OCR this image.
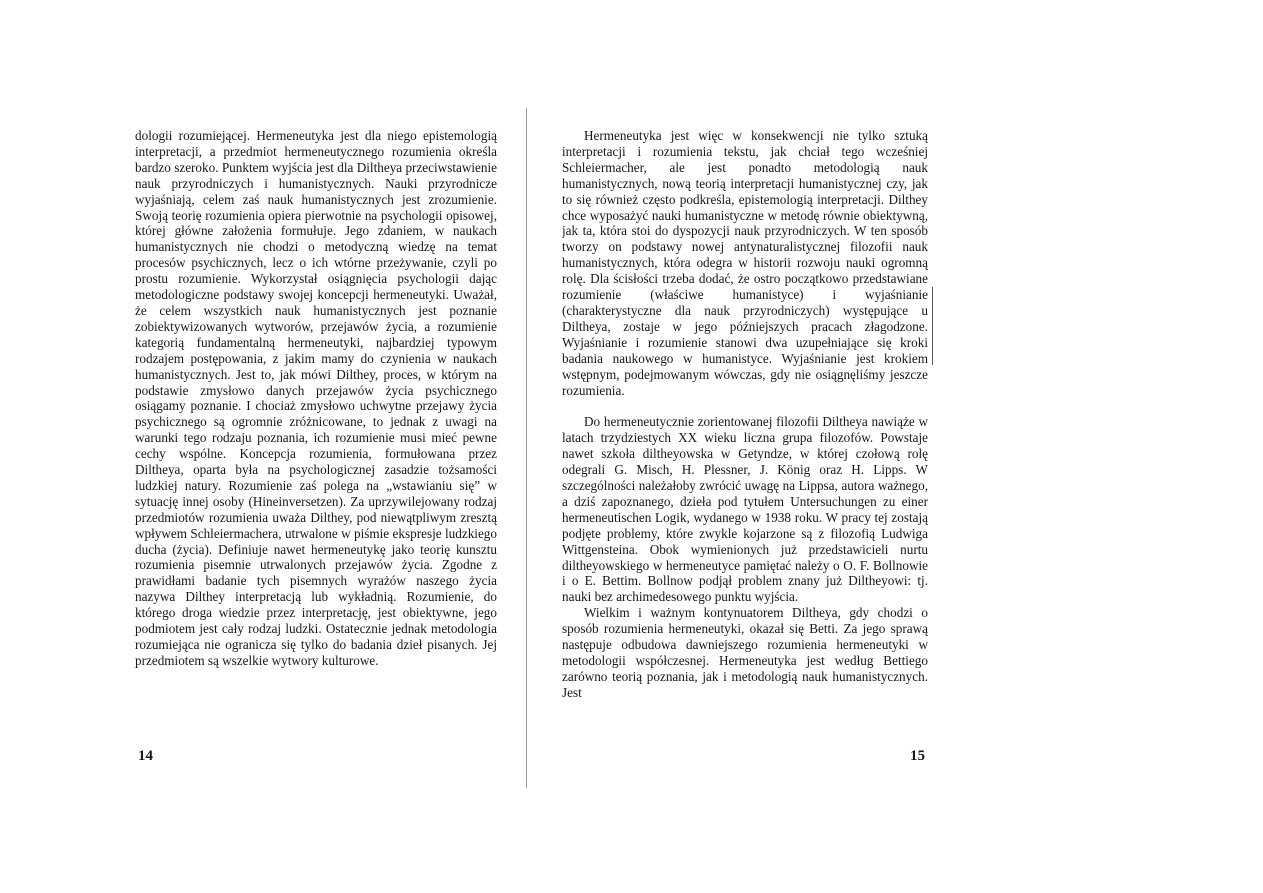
dologii rozumiejącej. Hermeneutyka jest dla niego epistemologią interpretacji, a przedmiot hermeneutycznego rozumienia określa bardzo szeroko. Punktem wyjścia jest dla Diltheya przeciwstawienie nauk przyrodniczych i humanistycznych. Nauki przyrodnicze wyjaśniają, celem zaś nauk humanistycznych jest zrozumienie. Swoją teorię rozumienia opiera pierwotnie na psychologii opisowej, której główne założenia formułuje. Jego zdaniem, w naukach humanistycznych nie chodzi o metodyczną wiedzę na temat procesów psychicznych, lecz o ich wtórne przeżywanie, czyli po prostu rozumienie. Wykorzystał osiągnięcia psychologii dając metodologiczne podstawy swojej koncepcji hermeneutyki. Uważał, że celem wszystkich nauk humanistycznych jest poznanie zobiektywizowanych wytworów, przejawów życia, a rozumienie kategorią fundamentalną hermeneutyki, najbardziej typowym rodzajem postępowania, z jakim mamy do czynienia w naukach humanistycznych. Jest to, jak mówi Dilthey, proces, w którym na podstawie zmysłowo danych przejawów życia psychicznego osiągamy poznanie. I chociaż zmysłowo uchwytne przejawy życia psychicznego są ogromnie zróżnicowane, to jednak z uwagi na warunki tego rodzaju poznania, ich rozumienie musi mieć pewne cechy wspólne. Koncepcja rozumienia, formułowana przez Diltheya, oparta była na psychologicznej zasadzie tożsamości ludzkiej natury. Rozumienie zaś polega na „wstawianiu się” w sytuację innej osoby (Hineinversetzen). Za uprzywilejowany rodzaj przedmiotów rozumienia uważa Dilthey, pod niewątpliwym zresztą wpływem Schleiermachera, utrwalone w piśmie ekspresje ludzkiego ducha (życia). Definiuje nawet hermeneutykę jako teorię kunsztu rozumienia pisemnie utrwalonych przejawów życia. Zgodne z prawidłami badanie tych pisemnych wyrażów naszego życia nazywa Dilthey interpretacją lub wykładnią. Rozumienie, do którego droga wiedzie przez interpretację, jest obiektywne, jego podmiotem jest cały rodzaj ludzki. Ostatecznie jednak metodologia rozumiejąca nie ogranicza się tylko do badania dzieł pisanych. Jej przedmiotem są wszelkie wytwory kulturowe.

Hermeneutyka jest więc w konsekwencji nie tylko sztuką interpretacji i rozumienia tekstu, jak chciał tego wcześniej Schleiermacher, ale jest ponadto metodologią nauk humanistycznych, nową teorią interpretacji humanistycznej czy, jak to się również często podkreśla, epistemologią interpretacji. Dilthey chce wyposażyć nauki humanistyczne w metodę równie obiektywną, jak ta, która stoi do dyspozycji nauk przyrodniczych. W ten sposób tworzy on podstawy nowej antynaturalistycznej filozofii nauk humanistycznych, która odegra w historii rozwoju nauki ogromną rolę. Dla ścisłości trzeba dodać, że ostro początkowo przedstawiane rozumienie (właściwe humanistyce) i wyjaśnianie (charakterystyczne dla nauk przyrodniczych) występujące u Diltheya, zostaje w jego późniejszych pracach złagodzone. Wyjaśnianie i rozumienie stanowi dwa uzupełniające się kroki badania naukowego w humanistyce. Wyjaśnianie jest krokiem wstępnym, podejmowanym wówczas, gdy nie osiągnęliśmy jeszcze rozumienia.

Do hermeneutycznie zorientowanej filozofii Diltheya nawiąże w latach trzydziestych XX wieku liczna grupa filozofów. Powstaje nawet szkoła diltheyowska w Getyndze, w której czołową rolę odegrali G. Misch, H. Plessner, J. König oraz H. Lipps. W szczególności należałoby zwrócić uwagę na Lippsa, autora ważnego, a dziś zapoznanego, dzieła pod tytułem Untersuchungen zu einer hermeneutischen Logik, wydanego w 1938 roku. W pracy tej zostają podjęte problemy, które zwykle kojarzone są z filozofią Ludwiga Wittgensteina. Obok wymienionych już przedstawicieli nurtu diltheyowskiego w hermeneutyce pamiętać należy o O. F. Bollnowie i o E. Bettim. Bollnow podjął problem znany już Diltheyowi: tj. nauki bez archimedesowego punktu wyjścia.

Wielkim i ważnym kontynuatorem Diltheya, gdy chodzi o sposób rozumienia hermeneutyki, okazał się Betti. Za jego sprawą następuje odbudowa dawniejszego rozumienia hermeneutyki w metodologii współczesnej. Hermeneutyka jest według Bettiego zarówno teorią poznania, jak i metodologią nauk humanistycznych. Jest

14	15
